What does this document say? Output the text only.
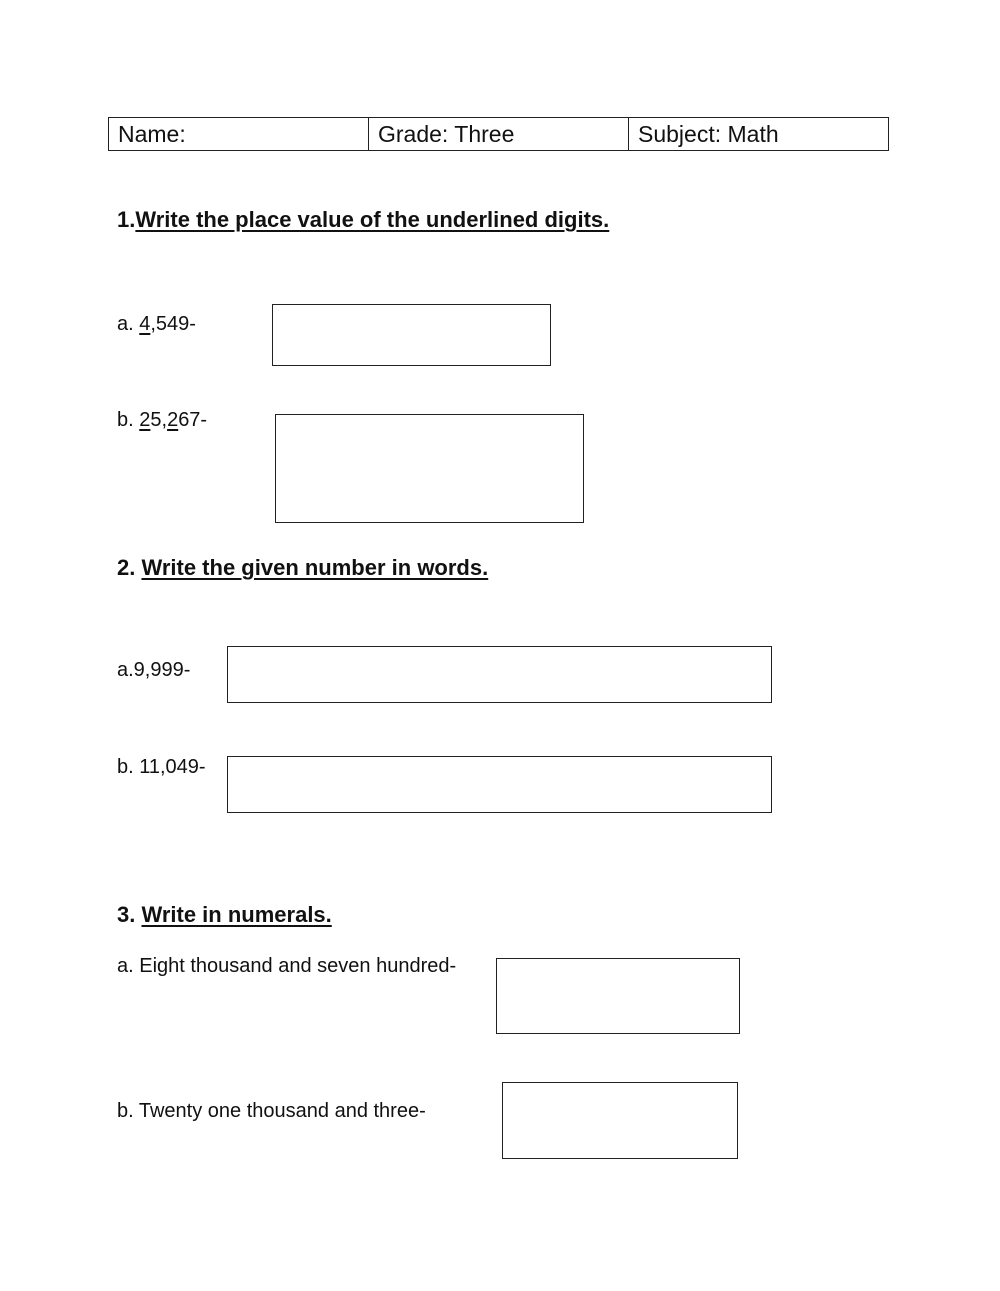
Name:	Grade: Three	Subject: Math
1.Write the place value of the underlined digits.
a. 4,549-
b. 25,267-
2. Write the given number in words.
a.9,999-
b. 11,049-
3. Write in numerals.
a. Eight thousand and seven hundred-
b. Twenty one thousand and three-
